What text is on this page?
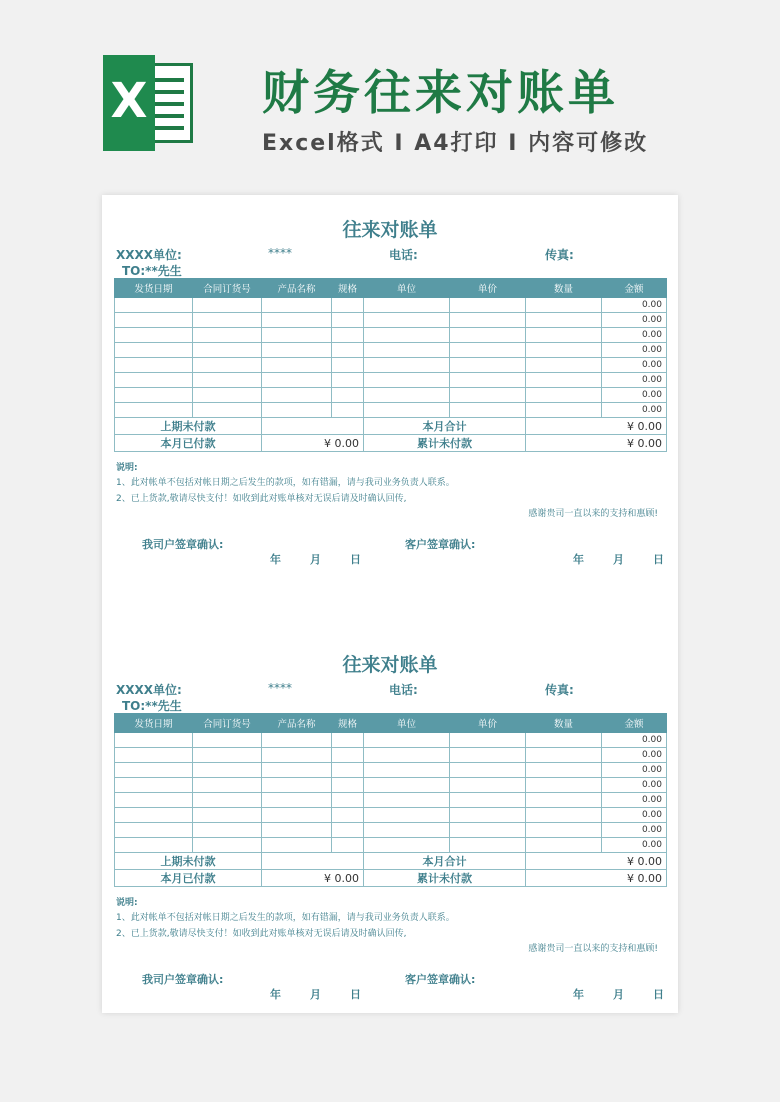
X 财务往来对账单
Excel格式 I A4打印 I 内容可修改
往来对账单
XXXX单位:	****	电话:	传真:
TO:**先生
发货日期	合同订货号	产品名称	规格	单位	单价	数量	金额
							0.00
							0.00
							0.00
							0.00
							0.00
							0.00
							0.00
							0.00
上期未付款				本月合计		¥ 0.00	
本月已付款		¥ 0.00		累计未付款		¥ 0.00	
说明:
1、此对帐单不包括对帐日期之后发生的款项，如有错漏，请与我司业务负责人联系。
2、已上货款,敬请尽快支付！如收到此对账单核对无误后请及时确认回传,
感谢贵司一直以来的支持和惠顾!
我司户签章确认:	客户签章确认:
年	月	日	年	月	日
往来对账单
XXXX单位:	****	电话:	传真:
TO:**先生
发货日期	合同订货号	产品名称	规格	单位	单价	数量	金额
							0.00
							0.00
							0.00
							0.00
							0.00
							0.00
							0.00
							0.00
上期未付款				本月合计		¥ 0.00	
本月已付款		¥ 0.00		累计未付款		¥ 0.00	
说明:
1、此对帐单不包括对帐日期之后发生的款项，如有错漏，请与我司业务负责人联系。
2、已上货款,敬请尽快支付！如收到此对账单核对无误后请及时确认回传,
感谢贵司一直以来的支持和惠顾!
我司户签章确认:	客户签章确认:
年	月	日	年	月	日
